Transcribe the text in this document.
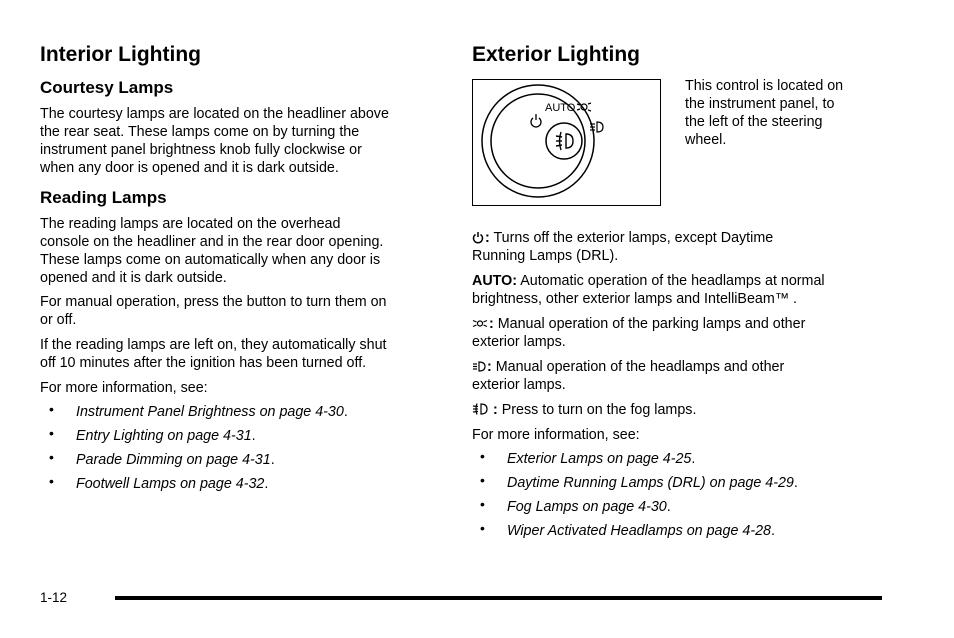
Interior Lighting
Courtesy Lamps

The courtesy lamps are located on the headliner above
the rear seat. These lamps come on by turning the
instrument panel brightness knob fully clockwise or
when any door is opened and it is dark outside.

Reading Lamps

The reading lamps are located on the overhead
console on the headliner and in the rear door opening.
These lamps come on automatically when any door is
opened and it is dark outside.

For manual operation, press the button to turn them on
or off.

If the reading lamps are left on, they automatically shut
off 10 minutes after the ignition has been turned off.

For more information, see:

• Instrument Panel Brightness on page 4-30.
• Entry Lighting on page 4-31.
• Parade Dimming on page 4-31.
• Footwell Lamps on page 4-32.
Exterior Lighting
AUTO
This control is located on
the instrument panel, to
the left of the steering
wheel.

: Turns off the exterior lamps, except Daytime
Running Lamps (DRL).

AUTO: Automatic operation of the headlamps at normal
brightness, other exterior lamps and IntelliBeam™ .

: Manual operation of the parking lamps and other
exterior lamps.

: Manual operation of the headlamps and other
exterior lamps.

: Press to turn on the fog lamps.

For more information, see:

• Exterior Lamps on page 4-25.
• Daytime Running Lamps (DRL) on page 4-29.
• Fog Lamps on page 4-30.
• Wiper Activated Headlamps on page 4-28.
1-12
